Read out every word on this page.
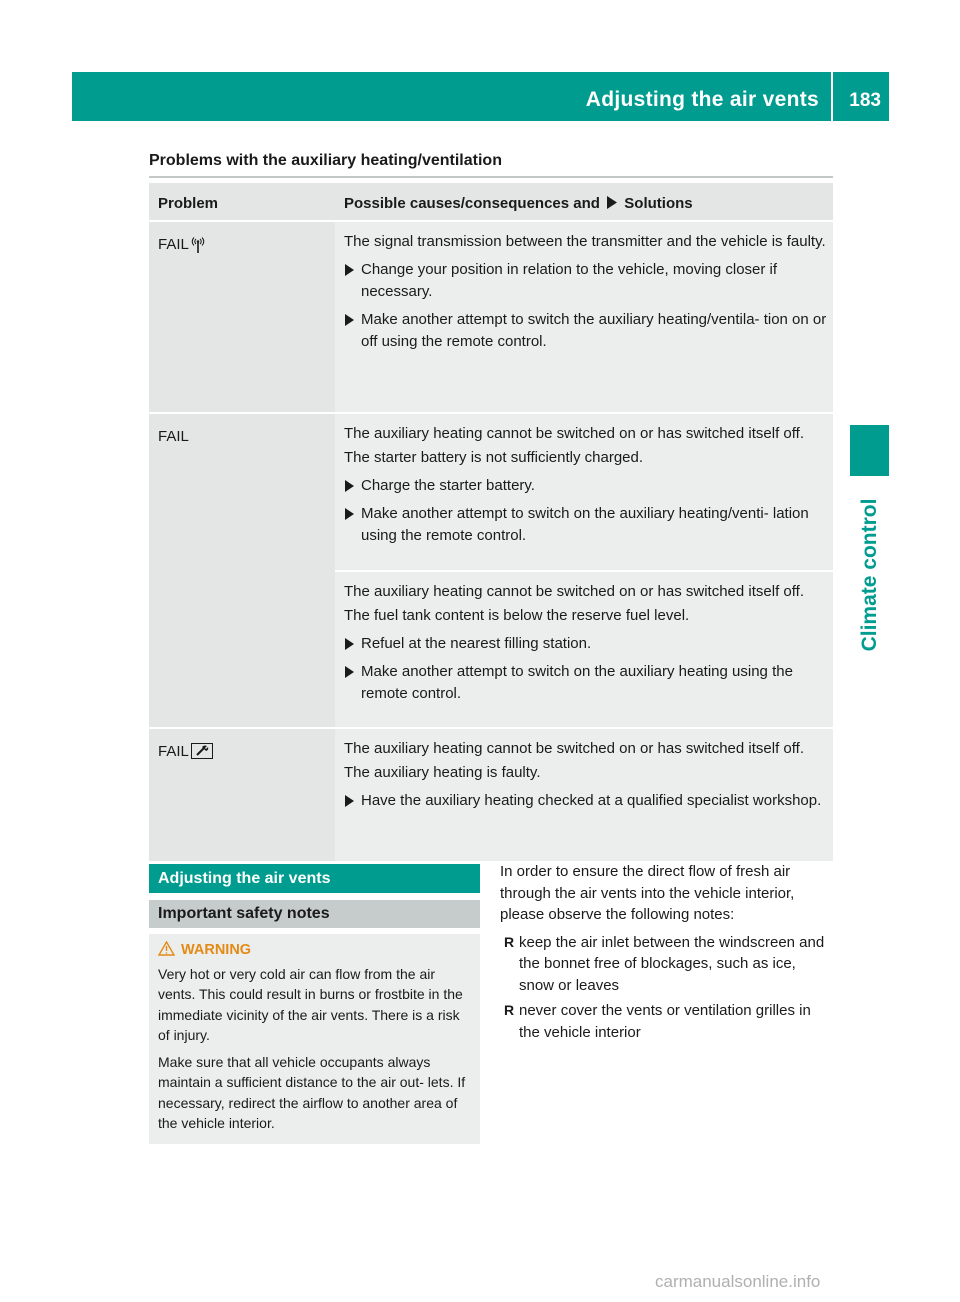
Adjusting the air vents 183
Climate control
Problems with the auxiliary heating/ventilation
Problem	Possible causes/consequences and Solutions
FAIL	The signal transmission between the transmitter and the vehicle is faulty.

Change your position in relation to the vehicle, moving closer if necessary.

Make another attempt to switch the auxiliary heating/ventila- tion on or off using the remote control.

FAIL	The auxiliary heating cannot be switched on or has switched itself off.

The starter battery is not sufficiently charged.

Charge the starter battery.

Make another attempt to switch on the auxiliary heating/venti- lation using the remote control.

The auxiliary heating cannot be switched on or has switched itself off.

The fuel tank content is below the reserve fuel level.

Refuel at the nearest filling station.

Make another attempt to switch on the auxiliary heating using the remote control.

FAIL	The auxiliary heating cannot be switched on or has switched itself off.

The auxiliary heating is faulty.

Have the auxiliary heating checked at a qualified specialist workshop.

Adjusting the air vents
Important safety notes
WARNING

Very hot or very cold air can flow from the air vents. This could result in burns or frostbite in the immediate vicinity of the air vents. There is a risk of injury.

Make sure that all vehicle occupants always maintain a sufficient distance to the air out- lets. If necessary, redirect the airflow to another area of the vehicle interior.

In order to ensure the direct flow of fresh air through the air vents into the vehicle interior, please observe the following notes:

R keep the air inlet between the windscreen and the bonnet free of blockages, such as ice, snow or leaves

R never cover the vents or ventilation grilles in the vehicle interior

carmanualsonline.info
